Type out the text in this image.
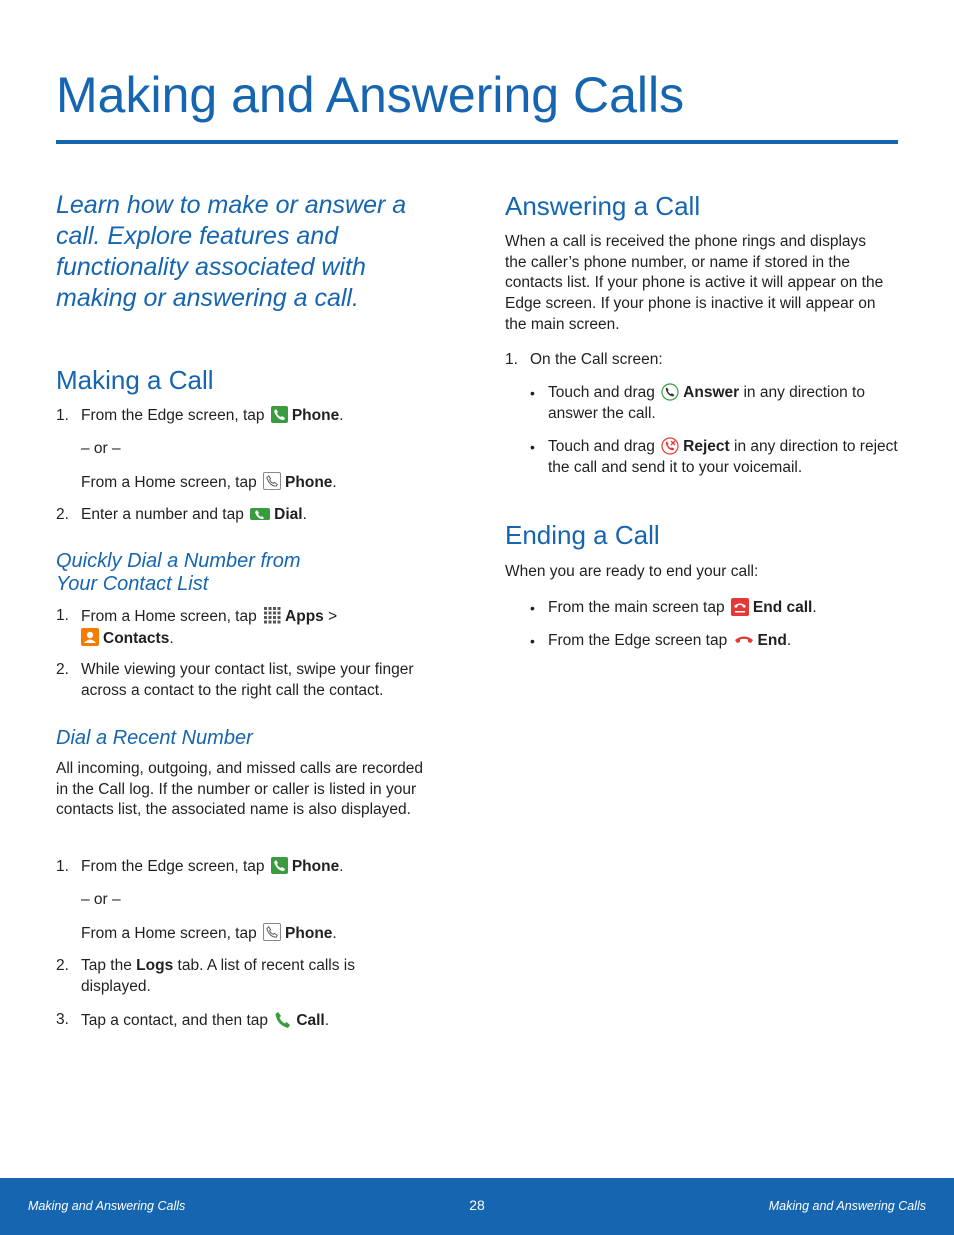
Making and Answering Calls

Learn how to make or answer a call. Explore features and functionality associated with making or answering a call.

Making a Call
1. From the Edge screen, tap Phone.
– or –
From a Home screen, tap Phone.
2. Enter a number and tap Dial.
Quickly Dial a Number from
Your Contact List
1. From a Home screen, tap Apps >

Contacts.
2. While viewing your contact list, swipe your finger across a contact to the right call the contact.
Dial a Recent Number

All incoming, outgoing, and missed calls are recorded in the Call log. If the number or caller is listed in your contacts list, the associated name is also displayed.

1. From the Edge screen, tap Phone.
– or –
From a Home screen, tap Phone.
2. Tap the Logs tab. A list of recent calls is displayed.
3. Tap a contact, and then tap Call.
Answering a Call

When a call is received the phone rings and displays the caller’s phone number, or name if stored in the contacts list. If your phone is active it will appear on the Edge screen. If your phone is inactive it will appear on the main screen.

1. On the Call screen:
• Touch and drag Answer in any direction to answer the call.
• Touch and drag Reject in any direction to reject the call and send it to your voicemail.
Ending a Call

When you are ready to end your call:

• From the main screen tap End call.
• From the Edge screen tap End.
Making and Answering Calls	28	Making and Answering Calls
